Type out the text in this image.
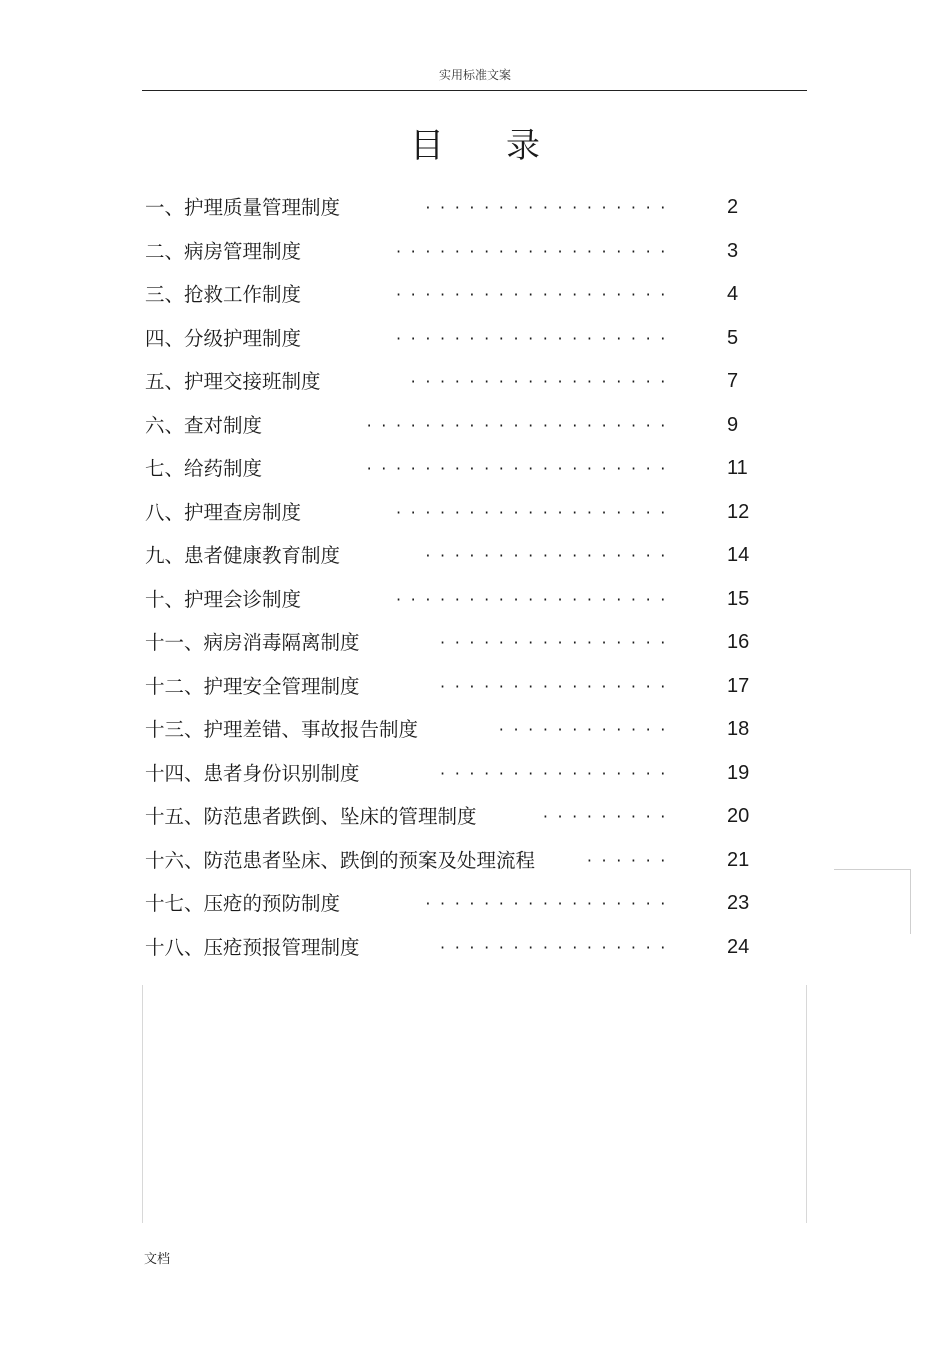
实用标准文案
目 录
一、护理质量管理制度	·················	2
二、病房管理制度	···················	3
三、抢救工作制度	···················	4
四、分级护理制度	···················	5
五、护理交接班制度	··················	7
六、查对制度	·····················	9
七、给药制度	·····················	11
八、护理查房制度	···················	12
九、患者健康教育制度	·················	14
十、护理会诊制度	···················	15
十一、病房消毒隔离制度	················	16
十二、护理安全管理制度	················	17
十三、护理差错、事故报告制度	············	18
十四、患者身份识别制度	················	19
十五、防范患者跌倒、坠床的管理制度	·········	20
十六、防范患者坠床、跌倒的预案及处理流程	······	21
十七、压疮的预防制度	·················	23
十八、压疮预报管理制度	················	24
文档
